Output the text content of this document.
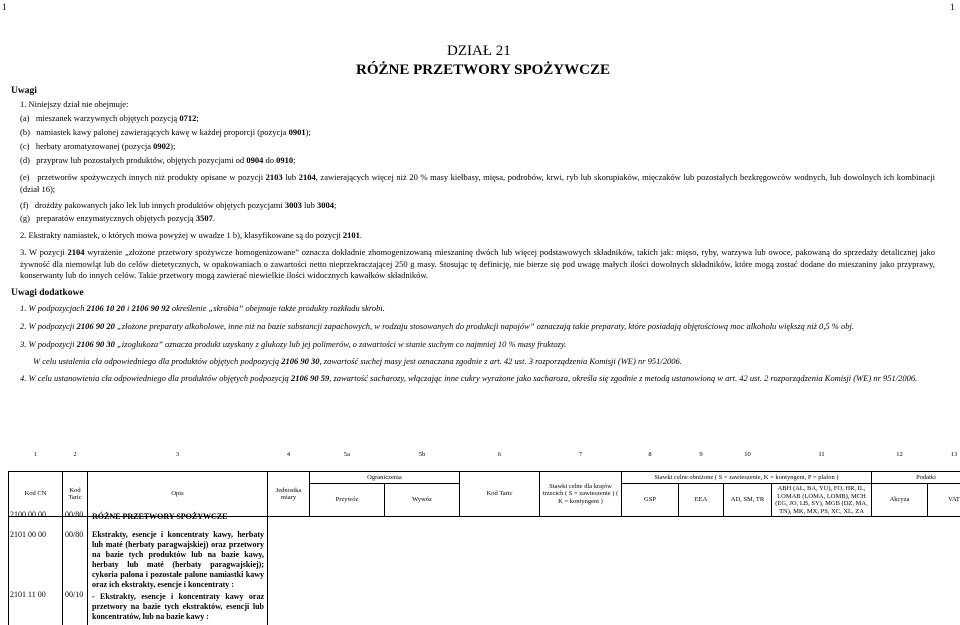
1	1
DZIAŁ 21
RÓŻNE PRZETWORY SPOŻYWCZE
Uwagi
1. Niniejszy dział nie obejmuje:
(a) mieszanek warzywnych objętych pozycją 0712;
(b) namiastek kawy palonej zawierających kawę w każdej proporcji (pozycja 0901);
(c) herbaty aromatyzowanej (pozycja 0902);
(d) przypraw lub pozostałych produktów, objętych pozycjami od 0904 do 0910;
(e) przetworów spożywczych innych niż produkty opisane w pozycji 2103 lub 2104, zawierających więcej niż 20 % masy kiełbasy, mięsa, podrobów, krwi, ryb lub skorupiaków, mięczaków lub pozostałych bezkręgowców wodnych, lub dowolnych ich kombinacji (dział 16);
(f) drożdży pakowanych jako lek lub innych produktów objętych pozycjami 3003 lub 3004;
(g) preparatów enzymatycznych objętych pozycją 3507.
2. Ekstrakty namiastek, o których mowa powyżej w uwadze 1 b), klasyfikowane są do pozycji 2101.
3. W pozycji 2104 wyrażenie „złożone przetwory spożywcze homogenizowane” oznacza dokładnie zhomogenizowaną mieszaninę dwóch lub więcej podstawowych składników, takich jak: mięso, ryby, warzywa lub owoce, pakowaną do sprzedaży detalicznej jako żywność dla niemowląt lub do celów dietetycznych, w opakowaniach o zawartości netto nieprzekraczającej 250 g masy. Stosując tę definicję, nie bierze się pod uwagę małych ilości dowolnych składników, które mogą zostać dodane do mieszaniny jako przyprawy, konserwanty lub do innych celów. Takie przetwory mogą zawierać niewielkie ilości widocznych kawałków składników.
Uwagi dodatkowe
1. W podpozycjach 2106 10 20 i 2106 90 92 określenie „skrobia” obejmuje także produkty rozkładu skrobi.
2. W podpozycji 2106 90 20 „złożone preparaty alkoholowe, inne niż na bazie substancji zapachowych, w rodzaju stosowanych do produkcji napojów” oznaczają takie preparaty, które posiadają objętościową moc alkoholu większą niż 0,5 % obj.
3. W podpozycji 2106 90 30 „izoglukoza” oznacza produkt uzyskany z glukozy lub jej polimerów, o zawartości w stanie suchym co najmniej 10 % masy fruktozy.
W celu ustalenia cła odpowiedniego dla produktów objętych podpozycją 2106 90 30, zawartość suchej masy jest oznaczana zgodnie z art. 42 ust. 3 rozporządzenia Komisji (WE) nr 951/2006.
4. W celu ustanowienia cła odpowiedniego dla produktów objętych podpozycją 2106 90 59, zawartość sacharozy, włączając inne cukry wyrażone jako sacharoza, określa się zgodnie z metodą ustanowioną w art. 42 ust. 2 rozporządzenia Komisji (WE) nr 951/2006.
1	2	3	4	5a	5b	6	7	8	9	10	11	12	13

Kod CN	Kod Taric	Opis	Jednostka miary	Ograniczenia		Kod Taric	Stawki celne dla krajów trzecich ( S = zawieszenie ) ( K = kontyngent )	Stawki celne obniżone ( S = zawieszenie, K = kontyngent, P = plafon )				Podatki	
				Przywóz	Wywóz			GSP	EEA	AD, SM, TR	ABH (AL, BA, YU), FO, HR, IL, LOMAB (LOMA, LOMB), MCH (EG, JO, LB, SY), MGB (DZ, MA, TN), MK, MX, PS, XC, XL, ZA	Akcyza	VAT
2100 00 00 00/80 RÓŻNE PRZETWORY SPOŻYWCZE
2101 00 00 00/80 Ekstrakty, esencje i koncentraty kawy, herbaty lub maté (herbaty paragwajskiej) oraz przetwory na bazie tych produktów lub na bazie kawy, herbaty lub maté (herbaty paragwajskiej); cykoria palona i pozostałe palone namiastki kawy oraz ich ekstrakty, esencje i koncentraty :
2101 11 00 00/10 - Ekstrakty, esencje i koncentraty kawy oraz przetwory na bazie tych ekstraktów, esencji lub koncentratów, lub na bazie kawy :
